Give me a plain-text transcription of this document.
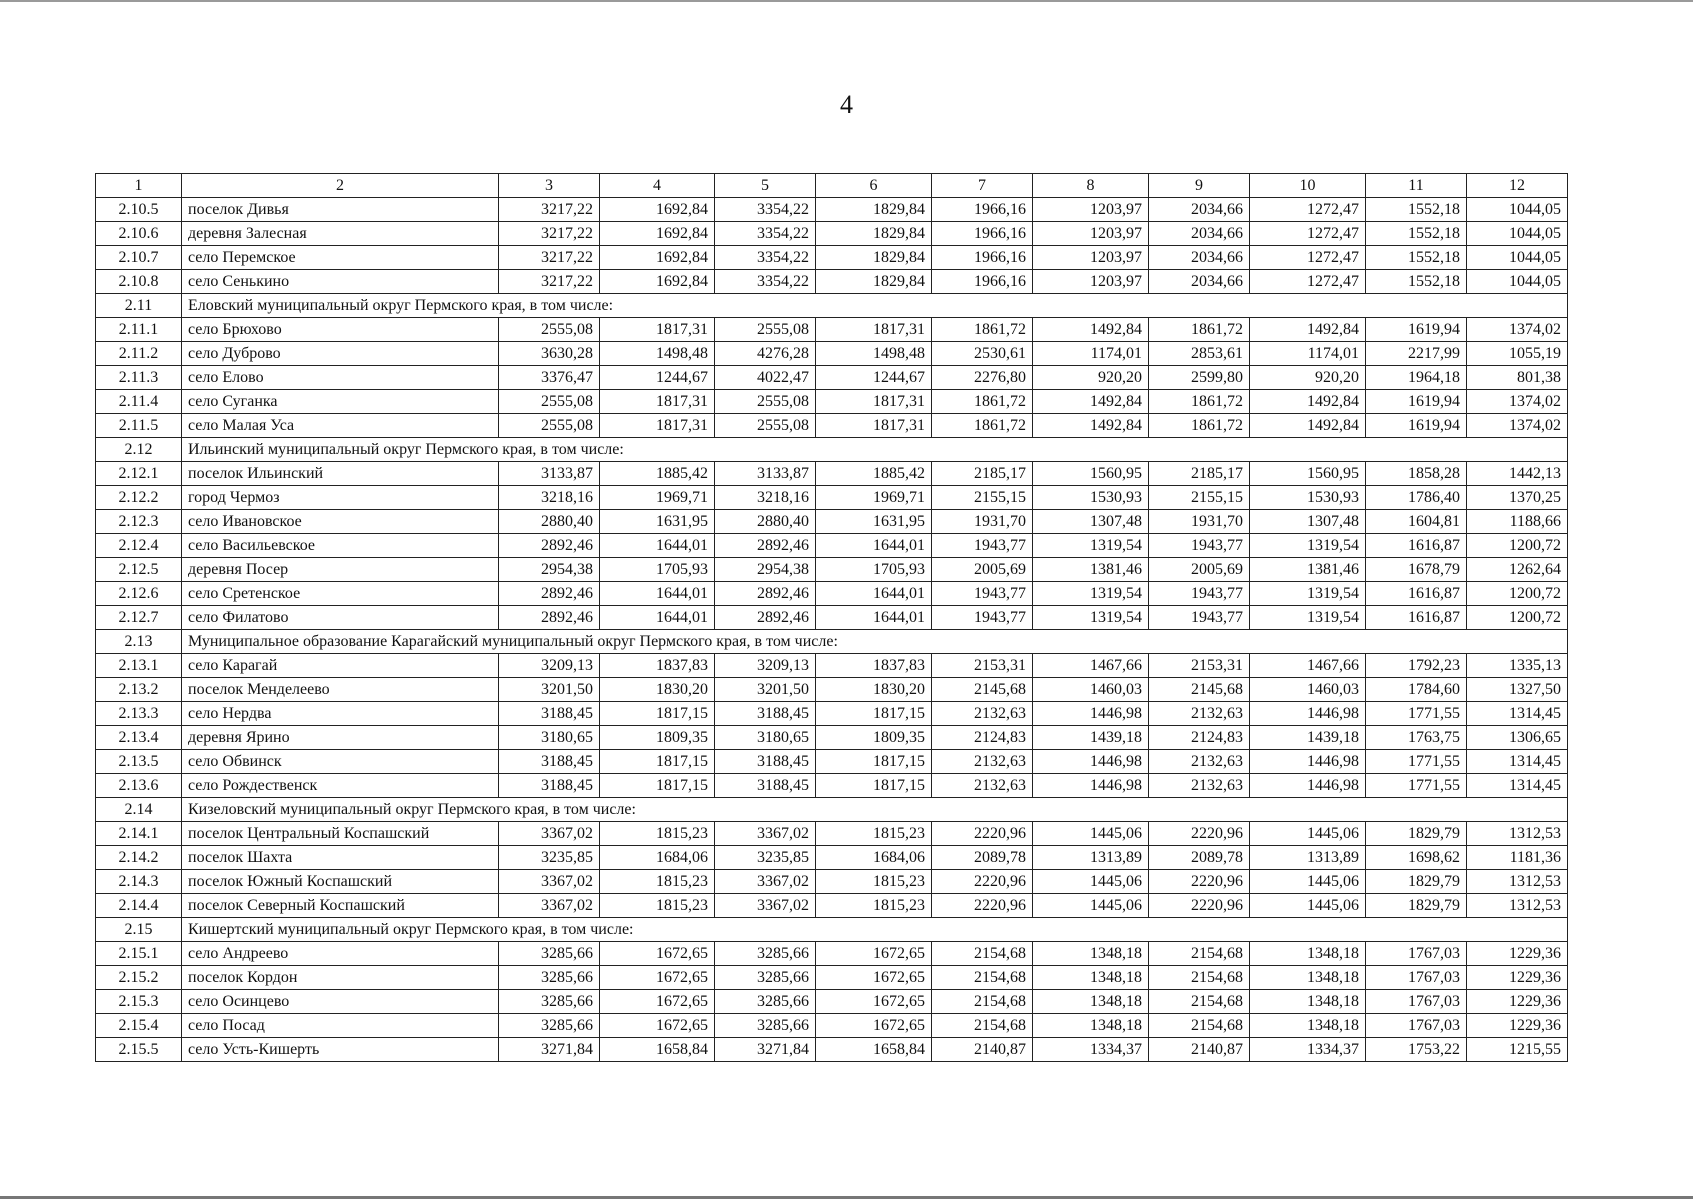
4
1	2	3	4	5	6	7	8	9	10	11	12
2.10.5	поселок Дивья	3217,22	1692,84	3354,22	1829,84	1966,16	1203,97	2034,66	1272,47	1552,18	1044,05
2.10.6	деревня Залесная	3217,22	1692,84	3354,22	1829,84	1966,16	1203,97	2034,66	1272,47	1552,18	1044,05
2.10.7	село Перемское	3217,22	1692,84	3354,22	1829,84	1966,16	1203,97	2034,66	1272,47	1552,18	1044,05
2.10.8	село Сенькино	3217,22	1692,84	3354,22	1829,84	1966,16	1203,97	2034,66	1272,47	1552,18	1044,05
2.11	Еловский муниципальный округ Пермского края, в том числе:										
2.11.1	село Брюхово	2555,08	1817,31	2555,08	1817,31	1861,72	1492,84	1861,72	1492,84	1619,94	1374,02
2.11.2	село Дуброво	3630,28	1498,48	4276,28	1498,48	2530,61	1174,01	2853,61	1174,01	2217,99	1055,19
2.11.3	село Елово	3376,47	1244,67	4022,47	1244,67	2276,80	920,20	2599,80	920,20	1964,18	801,38
2.11.4	село Суганка	2555,08	1817,31	2555,08	1817,31	1861,72	1492,84	1861,72	1492,84	1619,94	1374,02
2.11.5	село Малая Уса	2555,08	1817,31	2555,08	1817,31	1861,72	1492,84	1861,72	1492,84	1619,94	1374,02
2.12	Ильинский муниципальный округ Пермского края, в том числе:										
2.12.1	поселок Ильинский	3133,87	1885,42	3133,87	1885,42	2185,17	1560,95	2185,17	1560,95	1858,28	1442,13
2.12.2	город Чермоз	3218,16	1969,71	3218,16	1969,71	2155,15	1530,93	2155,15	1530,93	1786,40	1370,25
2.12.3	село Ивановское	2880,40	1631,95	2880,40	1631,95	1931,70	1307,48	1931,70	1307,48	1604,81	1188,66
2.12.4	село Васильевское	2892,46	1644,01	2892,46	1644,01	1943,77	1319,54	1943,77	1319,54	1616,87	1200,72
2.12.5	деревня Посер	2954,38	1705,93	2954,38	1705,93	2005,69	1381,46	2005,69	1381,46	1678,79	1262,64
2.12.6	село Сретенское	2892,46	1644,01	2892,46	1644,01	1943,77	1319,54	1943,77	1319,54	1616,87	1200,72
2.12.7	село Филатово	2892,46	1644,01	2892,46	1644,01	1943,77	1319,54	1943,77	1319,54	1616,87	1200,72
2.13	Муниципальное образование Карагайский муниципальный округ Пермского края, в том числе:										
2.13.1	село Карагай	3209,13	1837,83	3209,13	1837,83	2153,31	1467,66	2153,31	1467,66	1792,23	1335,13
2.13.2	поселок Менделеево	3201,50	1830,20	3201,50	1830,20	2145,68	1460,03	2145,68	1460,03	1784,60	1327,50
2.13.3	село Нердва	3188,45	1817,15	3188,45	1817,15	2132,63	1446,98	2132,63	1446,98	1771,55	1314,45
2.13.4	деревня Ярино	3180,65	1809,35	3180,65	1809,35	2124,83	1439,18	2124,83	1439,18	1763,75	1306,65
2.13.5	село Обвинск	3188,45	1817,15	3188,45	1817,15	2132,63	1446,98	2132,63	1446,98	1771,55	1314,45
2.13.6	село Рождественск	3188,45	1817,15	3188,45	1817,15	2132,63	1446,98	2132,63	1446,98	1771,55	1314,45
2.14	Кизеловский муниципальный округ Пермского края, в том числе:										
2.14.1	поселок Центральный Коспашский	3367,02	1815,23	3367,02	1815,23	2220,96	1445,06	2220,96	1445,06	1829,79	1312,53
2.14.2	поселок Шахта	3235,85	1684,06	3235,85	1684,06	2089,78	1313,89	2089,78	1313,89	1698,62	1181,36
2.14.3	поселок Южный Коспашский	3367,02	1815,23	3367,02	1815,23	2220,96	1445,06	2220,96	1445,06	1829,79	1312,53
2.14.4	поселок Северный Коспашский	3367,02	1815,23	3367,02	1815,23	2220,96	1445,06	2220,96	1445,06	1829,79	1312,53
2.15	Кишертский муниципальный округ Пермского края, в том числе:										
2.15.1	село Андреево	3285,66	1672,65	3285,66	1672,65	2154,68	1348,18	2154,68	1348,18	1767,03	1229,36
2.15.2	поселок Кордон	3285,66	1672,65	3285,66	1672,65	2154,68	1348,18	2154,68	1348,18	1767,03	1229,36
2.15.3	село Осинцево	3285,66	1672,65	3285,66	1672,65	2154,68	1348,18	2154,68	1348,18	1767,03	1229,36
2.15.4	село Посад	3285,66	1672,65	3285,66	1672,65	2154,68	1348,18	2154,68	1348,18	1767,03	1229,36
2.15.5	село Усть-Кишерть	3271,84	1658,84	3271,84	1658,84	2140,87	1334,37	2140,87	1334,37	1753,22	1215,55
